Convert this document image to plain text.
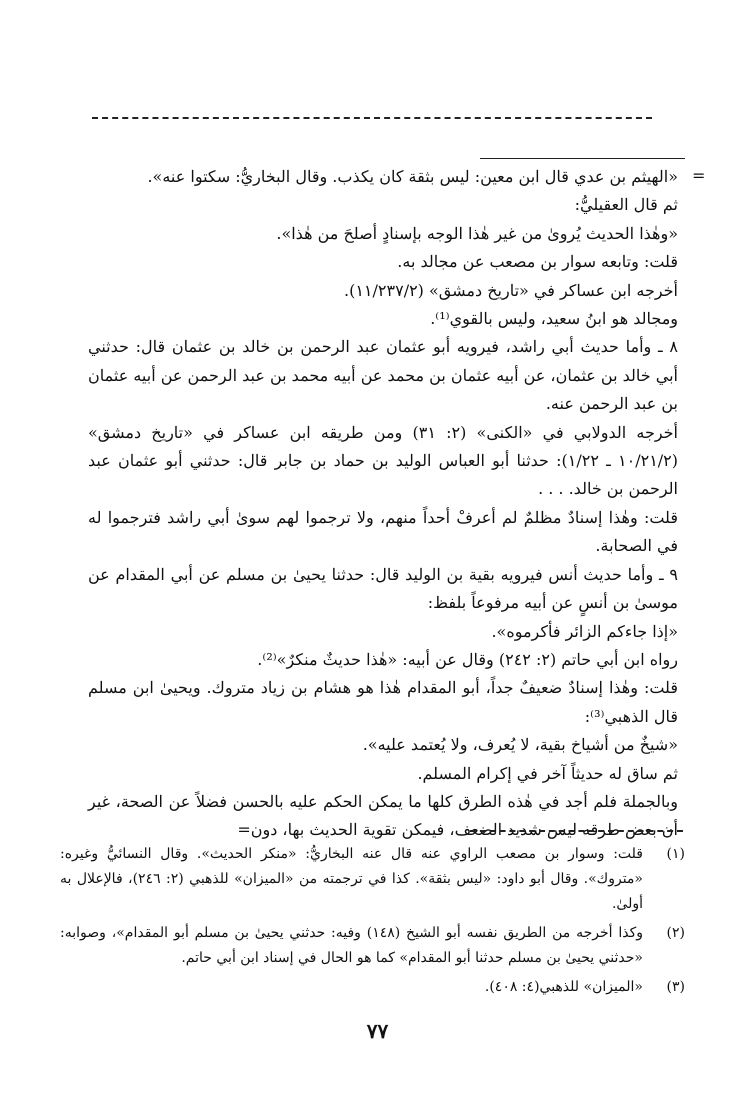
=

«الهيثم بن عدي قال ابن معين: ليس بثقة كان يكذب. وقال البخاريُّ: سكتوا عنه».

ثم قال العقيليُّ:

«وهٰذا الحديث يُروىٰ من غير هٰذا الوجه بإسنادٍ أصلحَ من هٰذا».

قلت: وتابعه سوار بن مصعب عن مجالد به.

أخرجه ابن عساكر في «تاريخ دمشق» (١١/٢٣٧/٢).

ومجالد هو ابنُ سعيد، وليس بالقوي⁽¹⁾.

٨ ـ وأما حديث أبي راشد، فيرويه أبو عثمان عبد الرحمن بن خالد بن عثمان قال: حدثني أبي خالد بن عثمان، عن أبيه عثمان بن محمد عن أبيه محمد بن عبد الرحمن عن أبيه عثمان بن عبد الرحمن عنه.

أخرجه الدولابي في «الكنى» (٢: ٣١) ومن طريقه ابن عساكر في «تاريخ دمشق» (١٠/٢١/٢ ـ ١/٢٢): حدثنا أبو العباس الوليد بن حماد بن جابر قال: حدثني أبو عثمان عبد الرحمن بن خالد. . . .

قلت: وهٰذا إسنادٌ مظلمٌ لم أعرفْ أحداً منهم، ولا ترجموا لهم سوىٰ أبي راشد فترجموا له في الصحابة.

٩ ـ وأما حديث أنس فيرويه بقية بن الوليد قال: حدثنا يحيىٰ بن مسلم عن أبي المقدام عن موسىٰ بن أنسٍ عن أبيه مرفوعاً بلفظ:

«إذا جاءكم الزائر فأكرموه».

رواه ابن أبي حاتم (٢: ٢٤٢) وقال عن أبيه: «هٰذا حديثٌ منكرٌ»⁽²⁾.

قلت: وهٰذا إسنادٌ ضعيفٌ جداً، أبو المقدام هٰذا هو هشام بن زياد متروك. ويحيىٰ ابن مسلم قال الذهبي⁽³⁾:

«شيخٌ من أشياخ بقية، لا يُعرف، ولا يُعتمد عليه».

ثم ساق له حديثاً آخر في إكرام المسلم.

وبالجملة فلم أجد في هٰذه الطرق كلها ما يمكن الحكم عليه بالحسن فضلاً عن الصحة، غير أن بعض طرقه ليس شديد الضعف، فيمكن تقوية الحديث بها، دون=

(١)
قلت: وسوار بن مصعب الراوي عنه قال عنه البخاريُّ: «منكر الحديث». وقال النسائيُّ وغيره: «متروك». وقال أبو داود: «ليس بثقة». كذا في ترجمته من «الميزان» للذهبي (٢: ٢٤٦)، فالإعلال به أولىٰ.
(٢)
وكذا أخرجه من الطريق نفسه أبو الشيخ (١٤٨) وفيه: حدثني يحيىٰ بن مسلم أبو المقدام»، وصوابه: «حدثني يحيىٰ بن مسلم حدثنا أبو المقدام» كما هو الحال في إسناد ابن أبي حاتم.
(٣)
«الميزان» للذهبي(٤: ٤٠٨).
٧٧
